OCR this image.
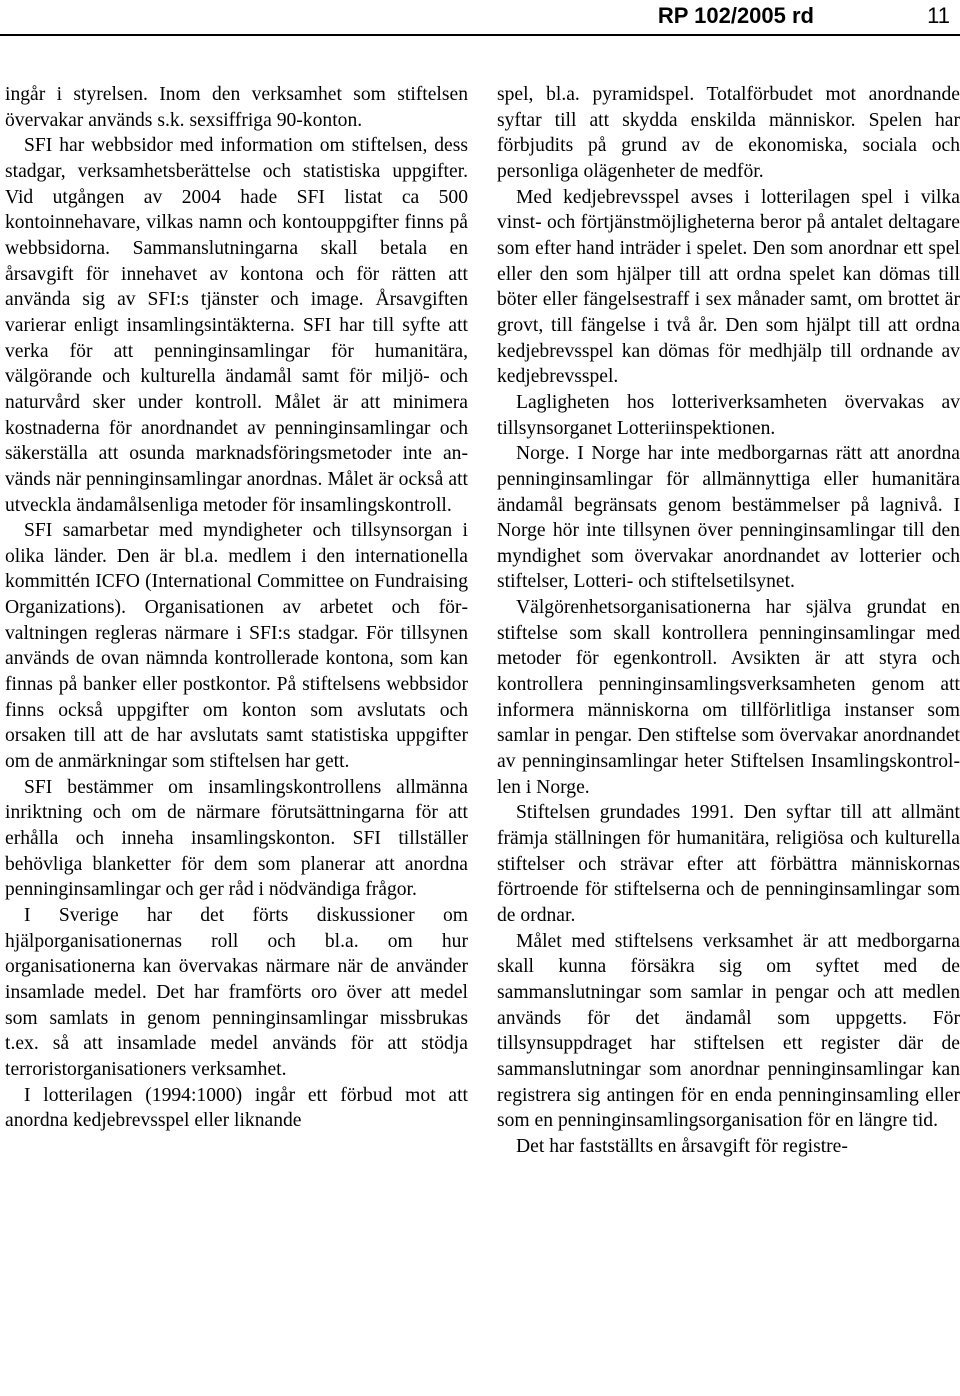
RP 102/2005 rd	11

ingår i styrelsen. Inom den verksamhet som stiftelsen övervakar används s.k. sexsiffriga 90-konton.

SFI har webbsidor med information om stiftelsen, dess stadgar, verksamhetsberättelse och statistiska uppgifter. Vid utgången av 2004 hade SFI listat ca 500 kontoinnehavare, vilkas namn och kontouppgifter finns på webbsidorna. Sammanslutningarna skall betala en årsavgift för innehavet av kontona och för rätten att använda sig av SFI:s tjänster och image. Årsavgiften varierar enligt insamlingsintäkterna. SFI har till syfte att verka för att penninginsamlingar för humanitära, välgörande och kulturella ändamål samt för miljö- och naturvård sker under kontroll. Målet är att minimera kostnaderna för anordnandet av penninginsamlingar och säkerställa att osunda marknadsföringsmetoder inte används när penninginsamlingar anordnas. Målet är också att utveckla ändamålsenliga metoder för insamlingskontroll.

SFI samarbetar med myndigheter och tillsynsorgan i olika länder. Den är bl.a. medlem i den internationella kommittén ICFO (International Committee on Fundraising Organizations). Organisationen av arbetet och förvaltningen regleras närmare i SFI:s stadgar. För tillsynen används de ovan nämnda kontrollerade kontona, som kan finnas på banker eller postkontor. På stiftelsens webbsidor finns också uppgifter om konton som avslutats och orsaken till att de har avslutats samt statistiska uppgifter om de anmärkningar som stiftelsen har gett.

SFI bestämmer om insamlingskontrollens allmänna inriktning och om de närmare förutsättningarna för att erhålla och inneha insamlingskonton. SFI tillställer behövliga blanketter för dem som planerar att anordna penninginsamlingar och ger råd i nödvändiga frågor.

I Sverige har det förts diskussioner om hjälporganisationernas roll och bl.a. om hur organisationerna kan övervakas närmare när de använder insamlade medel. Det har framförts oro över att medel som samlats in genom penninginsamlingar missbrukas t.ex. så att insamlade medel används för att stödja terroristorganisationers verksamhet.

I lotterilagen (1994:1000) ingår ett förbud mot att anordna kedjebrevsspel eller liknande

spel, bl.a. pyramidspel. Totalförbudet mot anordnande syftar till att skydda enskilda människor. Spelen har förbjudits på grund av de ekonomiska, sociala och personliga olägenheter de medför.

Med kedjebrevsspel avses i lotterilagen spel i vilka vinst- och förtjänstmöjligheterna beror på antalet deltagare som efter hand inträder i spelet. Den som anordnar ett spel eller den som hjälper till att ordna spelet kan dömas till böter eller fängelsestraff i sex månader samt, om brottet är grovt, till fängelse i två år. Den som hjälpt till att ordna kedjebrevsspel kan dömas för medhjälp till ordnande av kedjebrevsspel.

Lagligheten hos lotteriverksamheten övervakas av tillsynsorganet Lotteriinspektionen.

Norge. I Norge har inte medborgarnas rätt att anordna penninginsamlingar för allmännyttiga eller humanitära ändamål begränsats genom bestämmelser på lagnivå. I Norge hör inte tillsynen över penninginsamlingar till den myndighet som övervakar anordnandet av lotterier och stiftelser, Lotteri- och stiftelsetilsynet.

Välgörenhetsorganisationerna har själva grundat en stiftelse som skall kontrollera penninginsamlingar med metoder för egenkontroll. Avsikten är att styra och kontrollera penninginsamlingsverksamheten genom att informera människorna om tillförlitliga instanser som samlar in pengar. Den stiftelse som övervakar anordnandet av penninginsamlingar heter Stiftelsen Insamlingskontrollen i Norge.

Stiftelsen grundades 1991. Den syftar till att allmänt främja ställningen för humanitära, religiösa och kulturella stiftelser och strävar efter att förbättra människornas förtroende för stiftelserna och de penninginsamlingar som de ordnar.

Målet med stiftelsens verksamhet är att medborgarna skall kunna försäkra sig om syftet med de sammanslutningar som samlar in pengar och att medlen används för det ändamål som uppgetts. För tillsynsuppdraget har stiftelsen ett register där de sammanslutningar som anordnar penninginsamlingar kan registrera sig antingen för en enda penninginsamling eller som en penninginsamlingsorganisation för en längre tid.

Det har fastställts en årsavgift för registre-
